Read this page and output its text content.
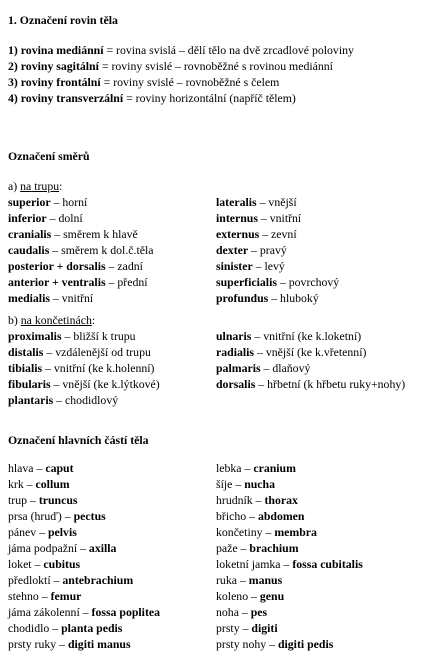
1. Označení rovin těla
1) rovina mediánní = rovina svislá – dělí tělo na dvě zrcadlové poloviny
2) roviny sagitální = roviny svislé – rovnoběžné s rovinou mediánní
3) roviny frontální = roviny svislé – rovnoběžné s čelem
4) roviny transverzální = roviny horizontální (napříč tělem)
Označení směrů
a) na trupu:
superior – horní
inferior – dolní
cranialis – směrem k hlavě
caudalis – směrem k dol.č.těla
posterior + dorsalis – zadní
anterior + ventralis – přední
medialis – vnitřní
lateralis – vnější
internus – vnitřní
externus – zevní
dexter – pravý
sinister – levý
superficialis – povrchový
profundus – hluboký
b) na končetinách:
proximalis – bližší k trupu
distalis – vzdálenější od trupu
tibialis – vnitřní (ke k.holenní)
fibularis – vnější (ke k.lýtkové)
plantaris – chodidlový
ulnaris – vnitřní (ke k.loketní)
radialis – vnější (ke k.vřetenní)
palmaris – dlaňový
dorsalis – hřbetní (k hřbetu ruky+nohy)
Označení hlavních částí těla
hlava – caput
krk – collum
trup – truncus
prsa (hruď) – pectus
pánev – pelvis
jáma podpažní – axilla
loket – cubitus
předloktí – antebrachium
stehno – femur
jáma zákolenní – fossa poplitea
chodidlo – planta pedis
prsty ruky – digiti manus
lebka – cranium
šíje – nucha
hrudník – thorax
břicho – abdomen
končetiny – membra
paže – brachium
loketní jamka – fossa cubitalis
ruka – manus
koleno – genu
noha – pes
prsty – digiti
prsty nohy – digiti pedis
